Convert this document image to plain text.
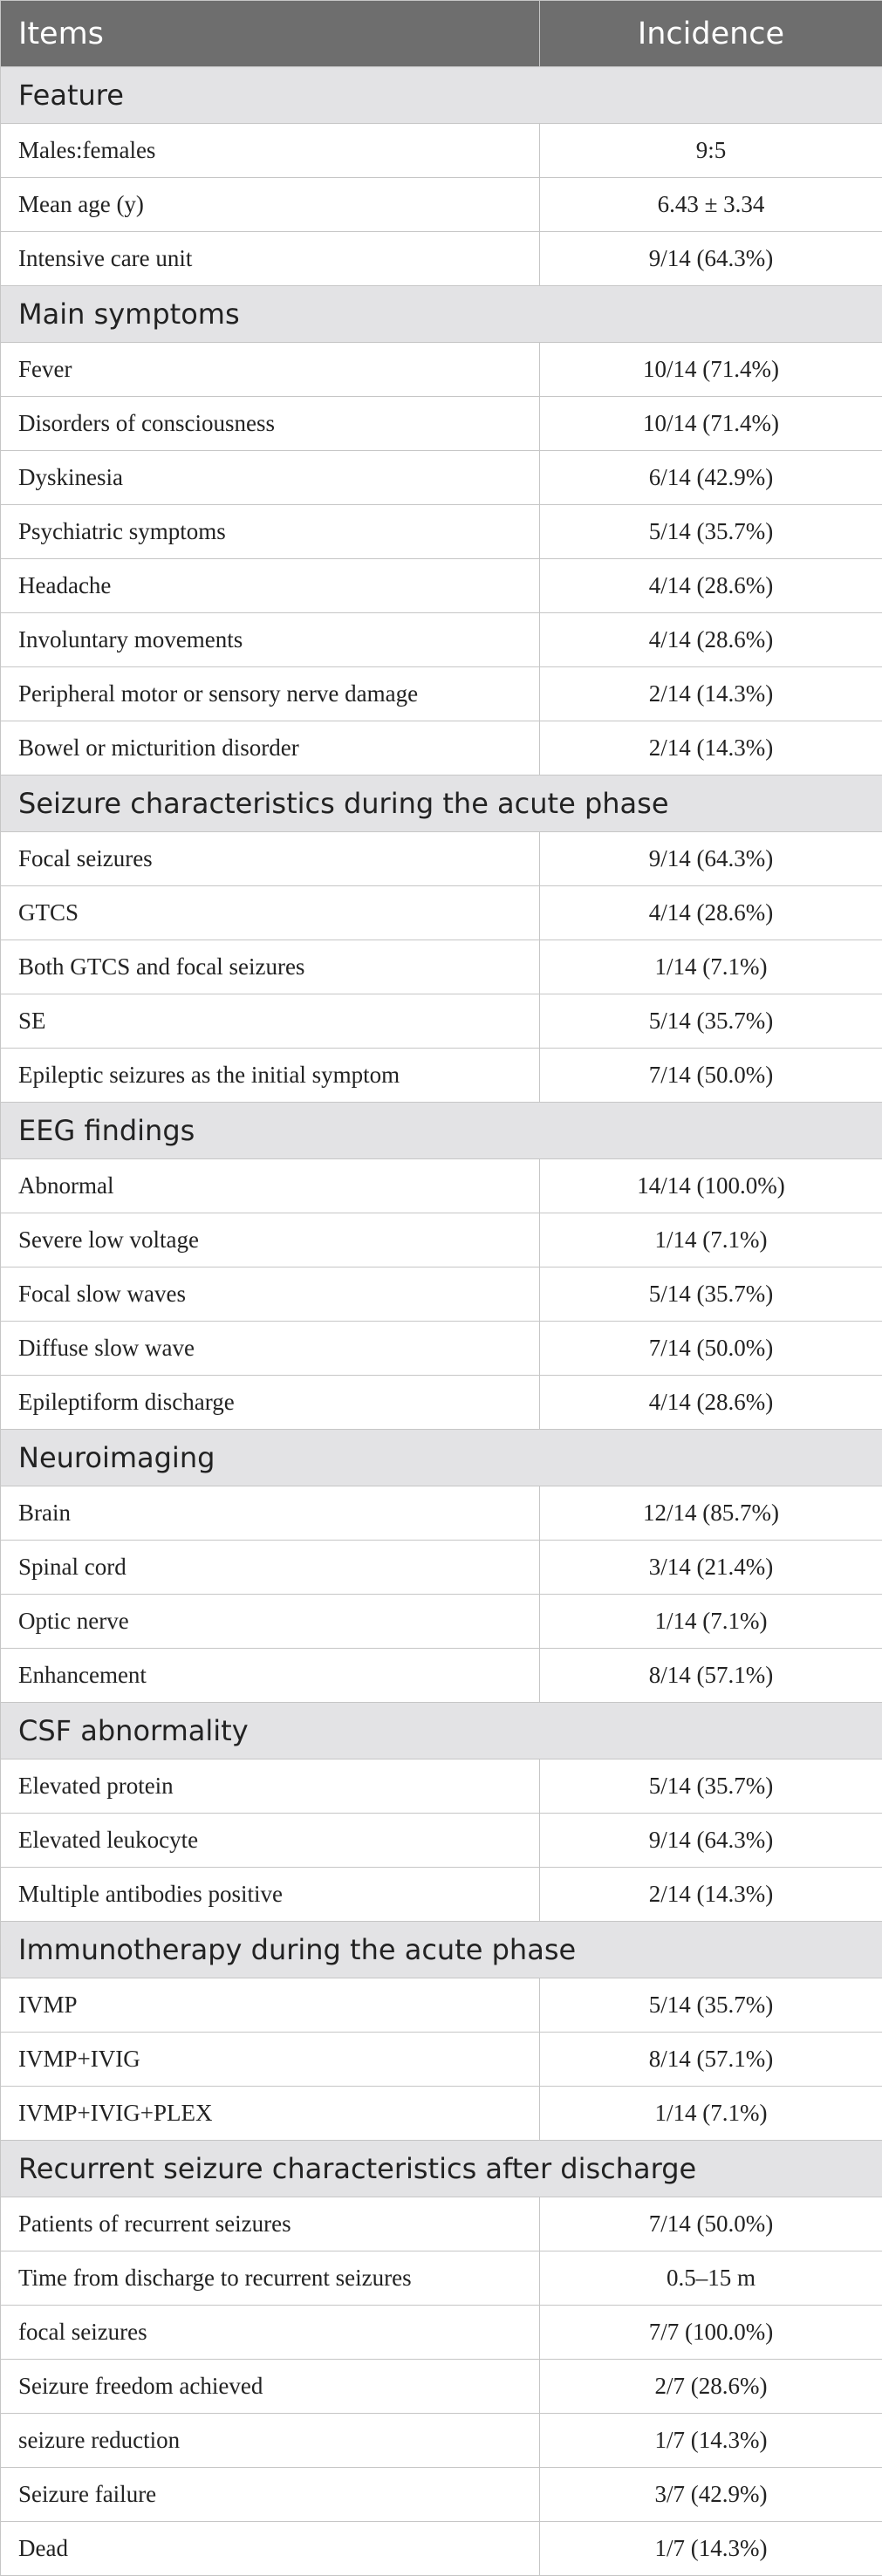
Items	Incidence
Feature	
Males:females	9:5
Mean age (y)	6.43 ± 3.34
Intensive care unit	9/14 (64.3%)
Main symptoms	
Fever	10/14 (71.4%)
Disorders of consciousness	10/14 (71.4%)
Dyskinesia	6/14 (42.9%)
Psychiatric symptoms	5/14 (35.7%)
Headache	4/14 (28.6%)
Involuntary movements	4/14 (28.6%)
Peripheral motor or sensory nerve damage	2/14 (14.3%)
Bowel or micturition disorder	2/14 (14.3%)
Seizure characteristics during the acute phase	
Focal seizures	9/14 (64.3%)
GTCS	4/14 (28.6%)
Both GTCS and focal seizures	1/14 (7.1%)
SE	5/14 (35.7%)
Epileptic seizures as the initial symptom	7/14 (50.0%)
EEG findings	
Abnormal	14/14 (100.0%)
Severe low voltage	1/14 (7.1%)
Focal slow waves	5/14 (35.7%)
Diffuse slow wave	7/14 (50.0%)
Epileptiform discharge	4/14 (28.6%)
Neuroimaging	
Brain	12/14 (85.7%)
Spinal cord	3/14 (21.4%)
Optic nerve	1/14 (7.1%)
Enhancement	8/14 (57.1%)
CSF abnormality	
Elevated protein	5/14 (35.7%)
Elevated leukocyte	9/14 (64.3%)
Multiple antibodies positive	2/14 (14.3%)
Immunotherapy during the acute phase	
IVMP	5/14 (35.7%)
IVMP+IVIG	8/14 (57.1%)
IVMP+IVIG+PLEX	1/14 (7.1%)
Recurrent seizure characteristics after discharge	
Patients of recurrent seizures	7/14 (50.0%)
Time from discharge to recurrent seizures	0.5–15 m
focal seizures	7/7 (100.0%)
Seizure freedom achieved	2/7 (28.6%)
seizure reduction	1/7 (14.3%)
Seizure failure	3/7 (42.9%)
Dead	1/7 (14.3%)
